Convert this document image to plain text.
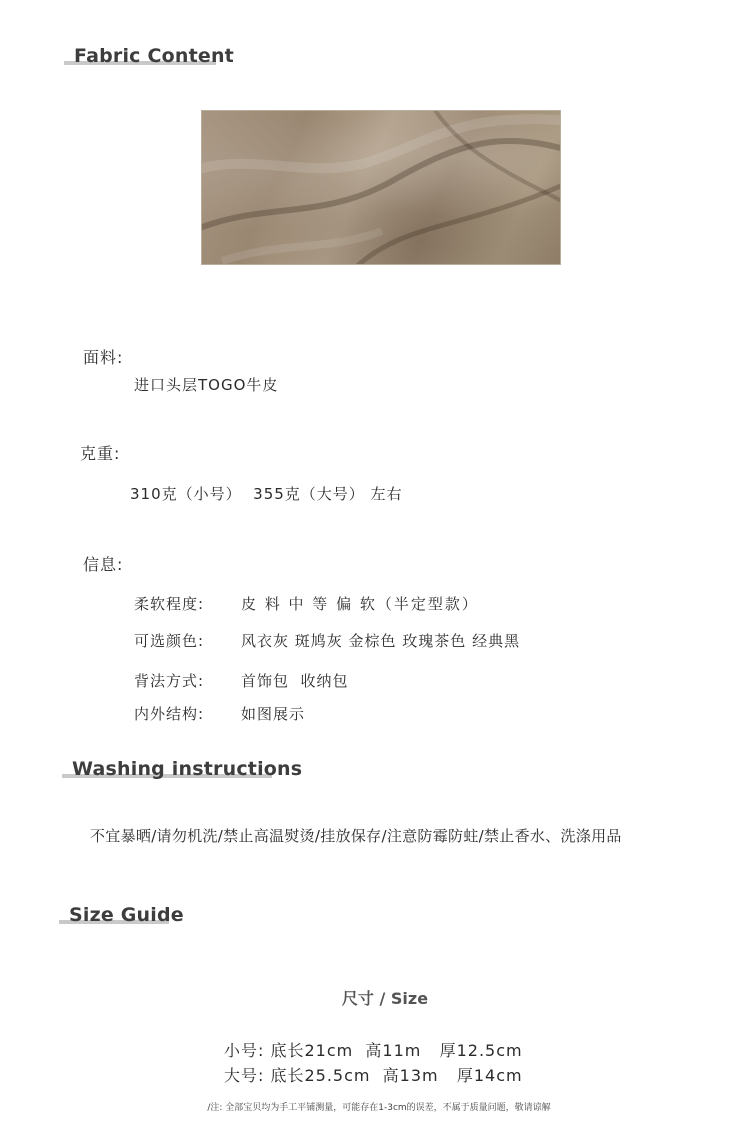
Fabric Content
面料:
进口头层TOGO牛皮
克重:
310克（小号）  355克（大号） 左右
信息:
柔软程度: 皮 料 中 等 偏 软（半定型款）
可选颜色: 风衣灰 斑鸠灰 金棕色 玫瑰茶色 经典黑
背法方式: 首饰包  收纳包
内外结构: 如图展示
Washing instructions
不宜暴晒/请勿机洗/禁止高温熨烫/挂放保存/注意防霉防蛀/禁止香水、洗涤用品
Size Guide
尺寸 / Size
小号: 底长21cm  高11m   厚12.5cm
大号: 底长25.5cm  高13m   厚14cm
/注: 全部宝贝均为手工平铺测量，可能存在1-3cm的误差，不属于质量问题，敬请谅解
